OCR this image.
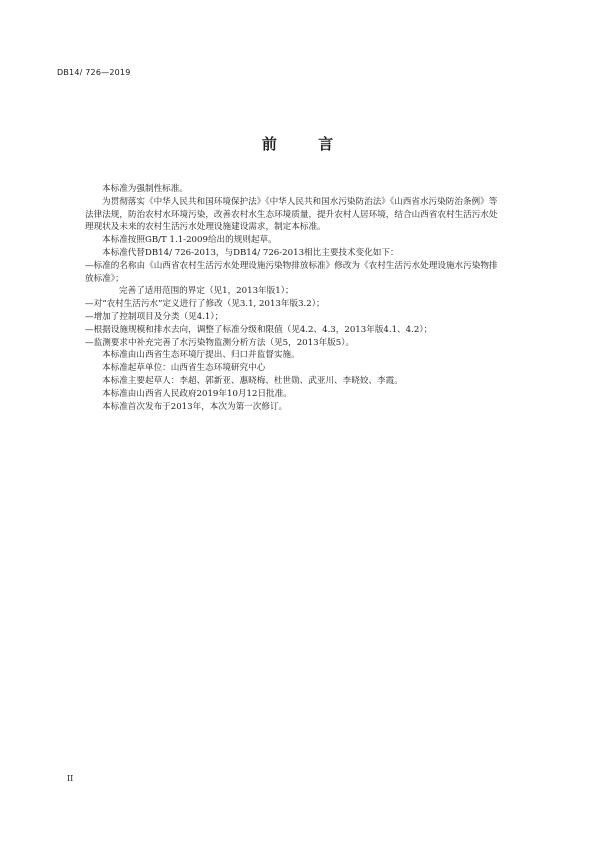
DB14/ 726—2019
前 言

本标准为强制性标准。

为贯彻落实《中华人民共和国环境保护法》《中华人民共和国水污染防治法》《山西省水污染防治条例》等法律法规，防治农村水环境污染，改善农村水生态环境质量，提升农村人居环境，结合山西省农村生活污水处理现状及未来的农村生活污水处理设施建设需求，制定本标准。

本标准按照GB/T 1.1-2009给出的规则起草。

本标准代替DB14/ 726-2013，与DB14/ 726-2013相比主要技术变化如下：

—标准的名称由《山西省农村生活污水处理设施污染物排放标准》修改为《农村生活污水处理设施水污染物排放标准》；

完善了适用范围的界定（见1，2013年版1）；

—对“农村生活污水”定义进行了修改（见3.1, 2013年版3.2）；

—增加了控制项目及分类（见4.1）；

—根据设施规模和排水去向，调整了标准分级和限值（见4.2、4.3，2013年版4.1、4.2）；

—监测要求中补充完善了水污染物监测分析方法（见5，2013年版5）。

本标准由山西省生态环境厅提出、归口并监督实施。

本标准起草单位：山西省生态环境研究中心

本标准主要起草人：李超、郭新亚、惠晓梅、杜世勋、武亚川、李晓姣、李霞。

本标准由山西省人民政府2019年10月12日批准。

本标准首次发布于2013年，本次为第一次修订。

II
